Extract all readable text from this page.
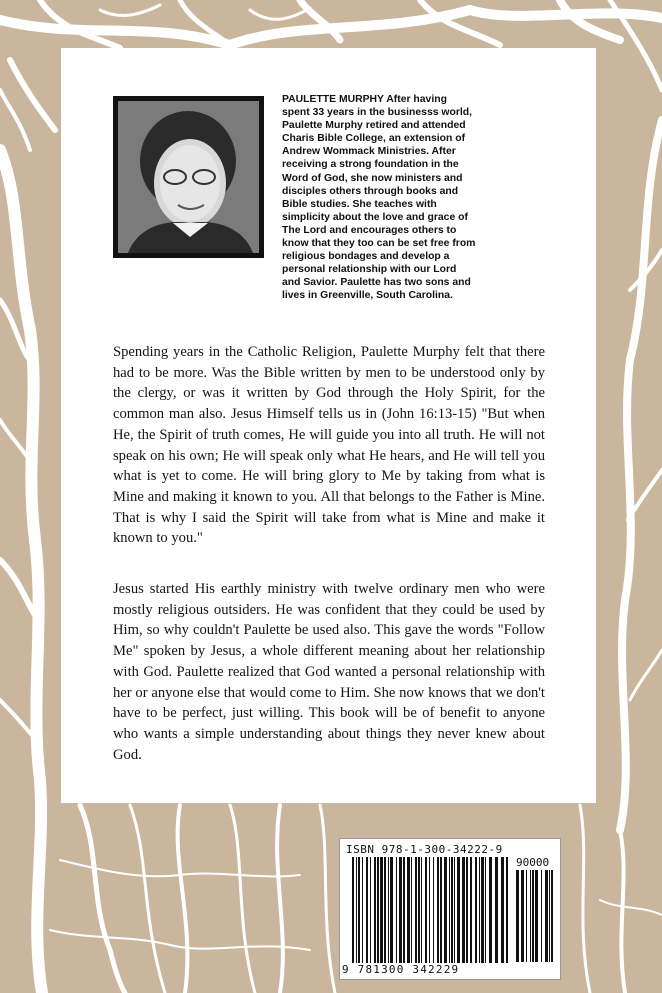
PAULETTE MURPHY After having spent 33 years in the businesss world, Paulette Murphy retired and attended Charis Bible College, an extension of Andrew Wommack Ministries. After receiving a strong foundation in the Word of God, she now ministers and disciples others through books and Bible studies. She teaches with simplicity about the love and grace of The Lord and encourages others to know that they too can be set free from religious bondages and develop a personal relationship with our Lord and Savior. Paulette has two sons and lives in Greenville, South Carolina.

Spending years in the Catholic Religion, Paulette Murphy felt that there had to be more. Was the Bible written by men to be understood only by the clergy, or was it written by God through the Holy Spirit, for the common man also. Jesus Himself tells us in (John 16:13-15) "But when He, the Spirit of truth comes, He will guide you into all truth. He will not speak on his own; He will speak only what He hears, and He will tell you what is yet to come. He will bring glory to Me by taking from what is Mine and making it known to you. All that belongs to the Father is Mine. That is why I said the Spirit will take from what is Mine and make it known to you."

Jesus started His earthly ministry with twelve ordinary men who were mostly religious outsiders. He was confident that they could be used by Him, so why couldn't Paulette be used also. This gave the words "Follow Me" spoken by Jesus, a whole different meaning about her relationship with God. Paulette realized that God wanted a personal relationship with her or anyone else that would come to Him. She now knows that we don't have to be perfect, just willing. This book will be of benefit to anyone who wants a simple understanding about things they never knew about God.

ISBN 978-1-300-34222-9
90000
9 781300 342229
